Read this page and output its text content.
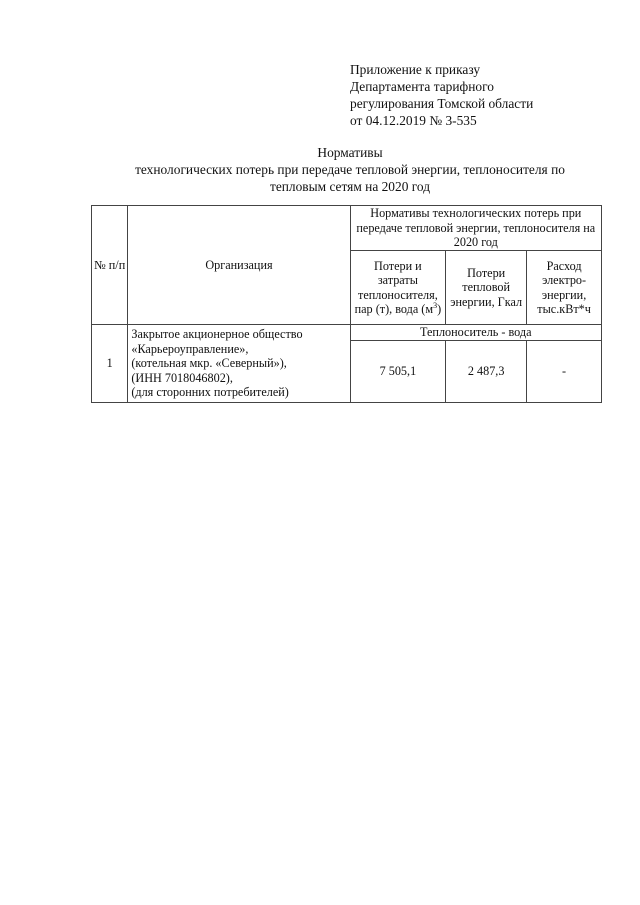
Приложение к приказу
Департамента тарифного
регулирования Томской области
от 04.12.2019 № 3-535
Нормативы
технологических потерь при передаче тепловой энергии, теплоносителя по
тепловым сетям на 2020 год
№ п/п	Организация	Нормативы технологических потерь при передаче тепловой энергии, теплоносителя на 2020 год		
		Потери и затраты теплоносителя, пар (т), вода $(м^3)$	Потери тепловой энергии, Гкал	Расход электро-энергии, тыс.кВт*ч
1	Закрытое акционерное общество
«Карьероуправление»,
(котельная мкр. «Северный»),
(ИНН 7018046802),
(для сторонних потребителей)	Теплоноситель - вода		
		7 505,1	2 487,3	-
